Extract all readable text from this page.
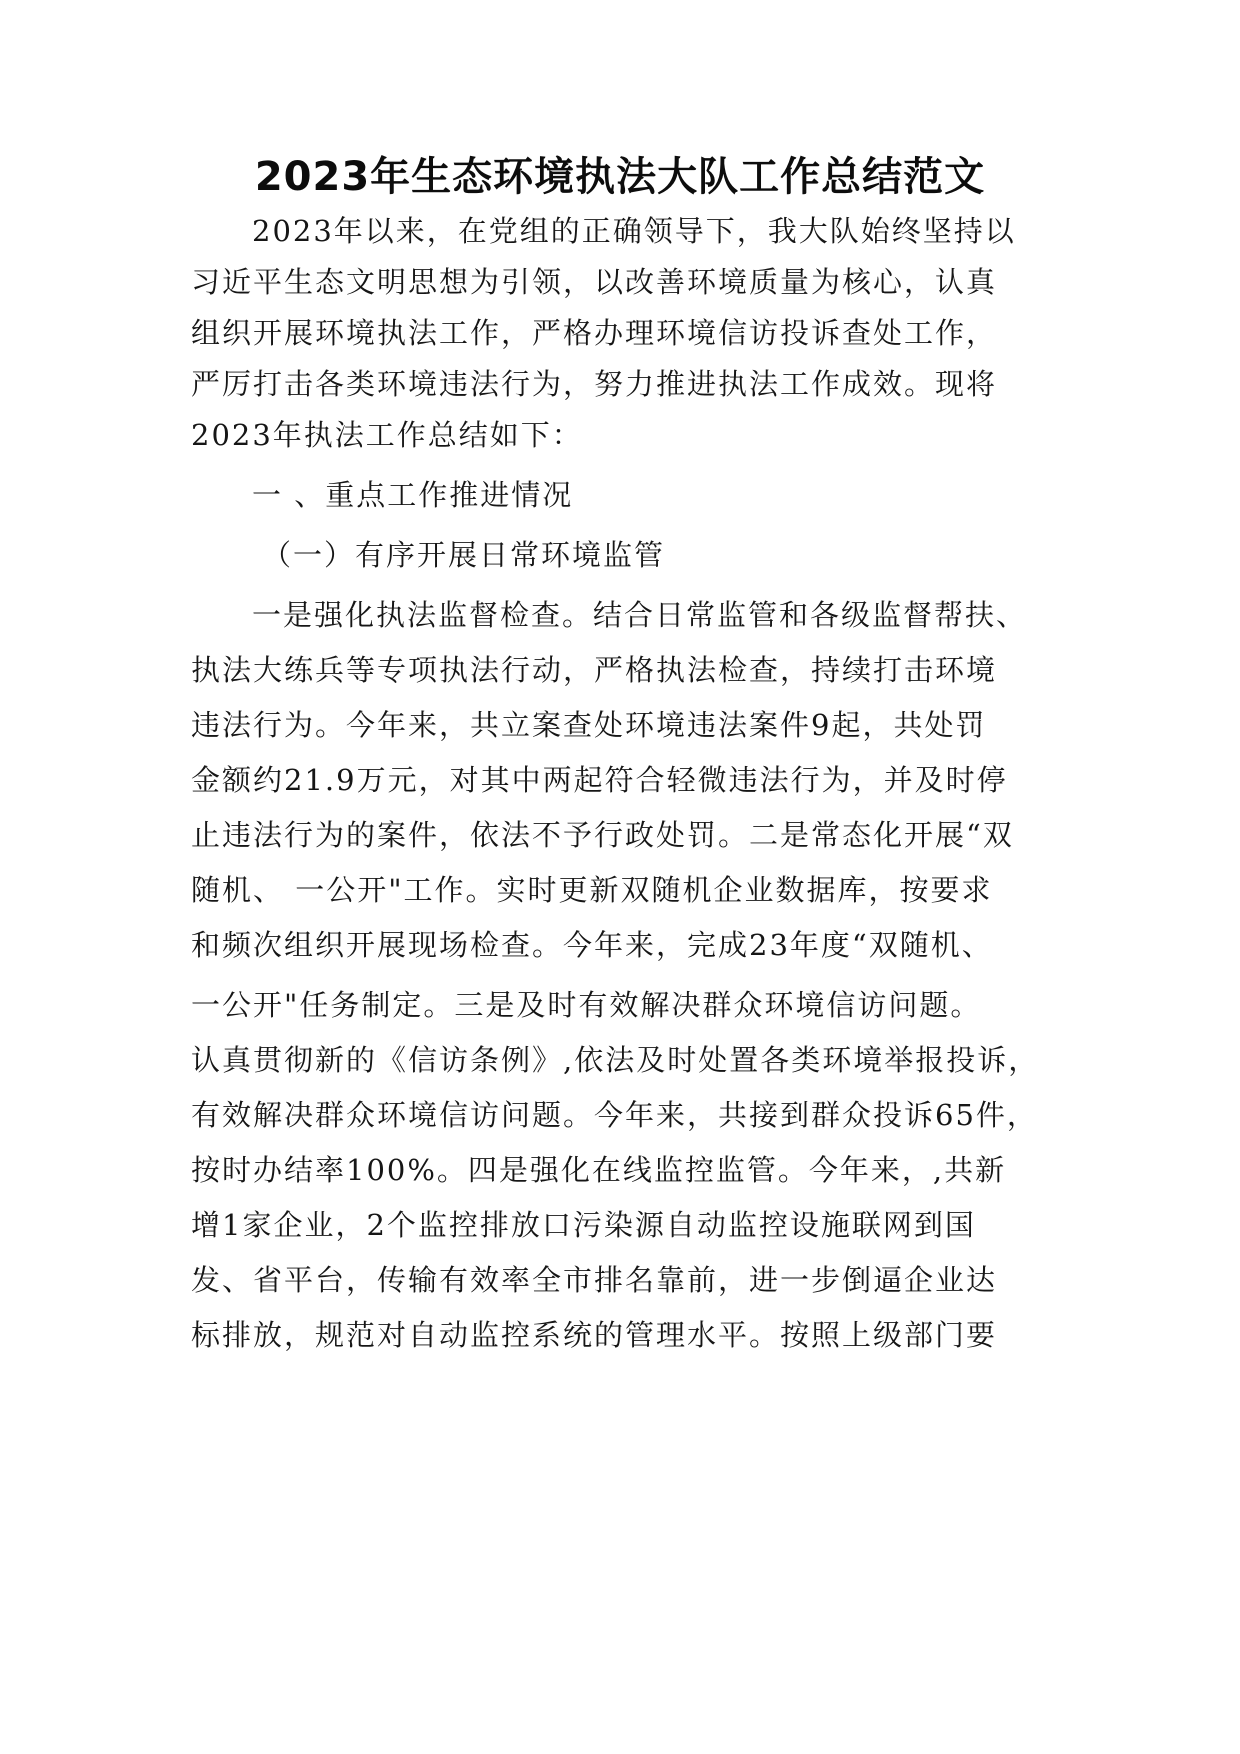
2023年生态环境执法大队工作总结范文
2023年以来，在党组的正确领导下，我大队始终坚持以
习近平生态文明思想为引领，以改善环境质量为核心，认真
组织开展环境执法工作，严格办理环境信访投诉查处工作，
严厉打击各类环境违法行为，努力推进执法工作成效。现将
2023年执法工作总结如下：
一 、重点工作推进情况
（一）有序开展日常环境监管
一是强化执法监督检查。结合日常监管和各级监督帮扶、
执法大练兵等专项执法行动，严格执法检查，持续打击环境
违法行为。今年来，共立案查处环境违法案件9起，共处罚
金额约21.9万元，对其中两起符合轻微违法行为，并及时停
止违法行为的案件，依法不予行政处罚。二是常态化开展“双
随机、 一公开"工作。实时更新双随机企业数据库，按要求
和频次组织开展现场检查。今年来，完成23年度“双随机、
一公开"任务制定。三是及时有效解决群众环境信访问题。
认真贯彻新的《信访条例》,依法及时处置各类环境举报投诉，
有效解决群众环境信访问题。今年来，共接到群众投诉65件，
按时办结率100%。四是强化在线监控监管。今年来，,共新
增1家企业，2个监控排放口污染源自动监控设施联网到国
发、省平台，传输有效率全市排名靠前，进一步倒逼企业达
标排放，规范对自动监控系统的管理水平。按照上级部门要
